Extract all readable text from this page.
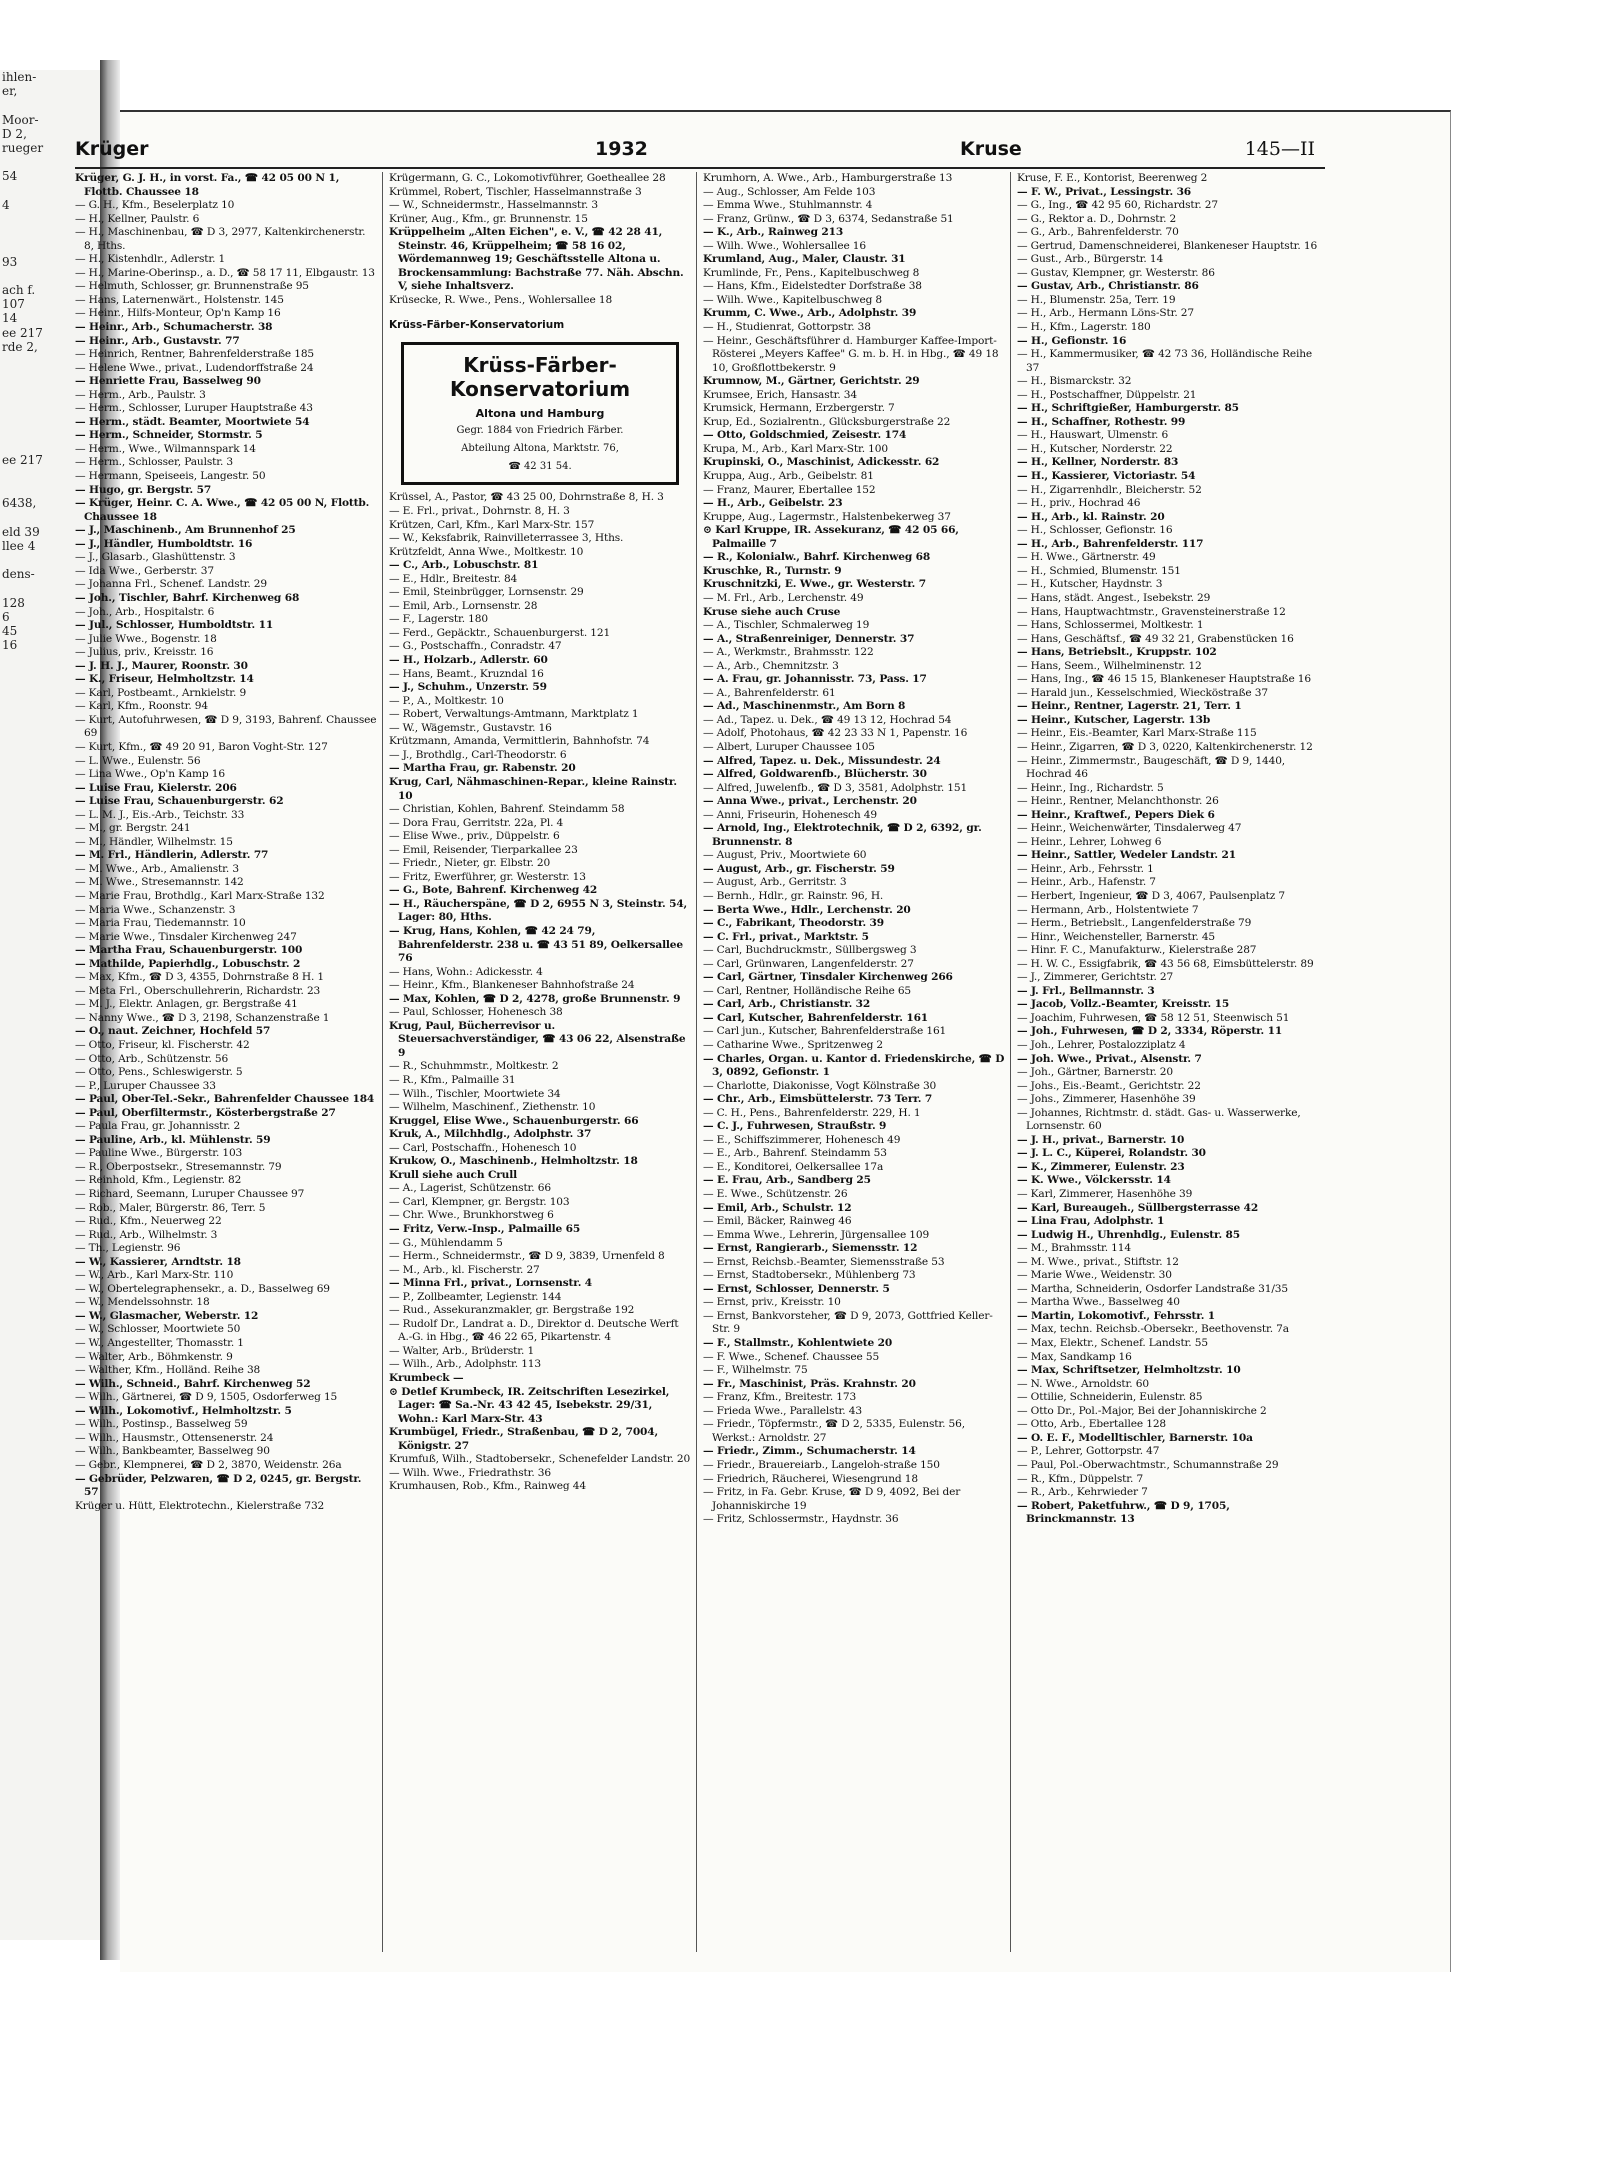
ihlen-
er,

Moor-
D 2,
rueger

54

4

93

ach f.
107
14
ee 217
rde 2,

ee 217

6438,

eld 39
llee 4

dens-

128
6
45
16
Krüger	1932	Kruse	145—II

Krüger, G. J. H., in vorst. Fa., ☎ 42 05 00 N 1, Flottb. Chaussee 18

— G. H., Kfm., Beselerplatz 10

— H., Kellner, Paulstr. 6

— H., Maschinenbau, ☎ D 3, 2977, Kaltenkirchenerstr. 8, Hths.

— H., Kistenhdlr., Adlerstr. 1

— H., Marine-Oberinsp., a. D., ☎ 58 17 11, Elbgaustr. 13

— Helmuth, Schlosser, gr. Brunnenstraße 95

— Hans, Laternenwärt., Holstenstr. 145

— Heinr., Hilfs-Monteur, Op'n Kamp 16

— Heinr., Arb., Schumacherstr. 38

— Heinr., Arb., Gustavstr. 77

— Heinrich, Rentner, Bahrenfelderstraße 185

— Helene Wwe., privat., Ludendorffstraße 24

— Henriette Frau, Basselweg 90

— Herm., Arb., Paulstr. 3

— Herm., Schlosser, Luruper Hauptstraße 43

— Herm., städt. Beamter, Moortwiete 54

— Herm., Schneider, Stormstr. 5

— Herm., Wwe., Wilmannspark 14

— Herm., Schlosser, Paulstr. 3

— Hermann, Speiseeis, Langestr. 50

— Hugo, gr. Bergstr. 57

— Krüger, Heinr. C. A. Wwe., ☎ 42 05 00 N, Flottb. Chaussee 18

— J., Maschinenb., Am Brunnenhof 25

— J., Händler, Humboldtstr. 16

— J., Glasarb., Glashüttenstr. 3

— Ida Wwe., Gerberstr. 37

— Johanna Frl., Schenef. Landstr. 29

— Joh., Tischler, Bahrf. Kirchenweg 68

— Joh., Arb., Hospitalstr. 6

— Jul., Schlosser, Humboldtstr. 11

— Julie Wwe., Bogenstr. 18

— Julius, priv., Kreisstr. 16

— J. H. J., Maurer, Roonstr. 30

— K., Friseur, Helmholtzstr. 14

— Karl, Postbeamt., Arnkielstr. 9

— Karl, Kfm., Roonstr. 94

— Kurt, Autofuhrwesen, ☎ D 9, 3193, Bahrenf. Chaussee 69

— Kurt, Kfm., ☎ 49 20 91, Baron Voght-Str. 127

— L. Wwe., Eulenstr. 56

— Lina Wwe., Op'n Kamp 16

— Luise Frau, Kielerstr. 206

— Luise Frau, Schauenburgerstr. 62

— L. M. J., Eis.-Arb., Teichstr. 33

— M., gr. Bergstr. 241

— M., Händler, Wilhelmstr. 15

— M. Frl., Händlerin, Adlerstr. 77

— M. Wwe., Arb., Amalienstr. 3

— M. Wwe., Stresemannstr. 142

— Marie Frau, Brothdlg., Karl Marx-Straße 132

— Maria Wwe., Schanzenstr. 3

— Maria Frau, Tiedemannstr. 10

— Marie Wwe., Tinsdaler Kirchenweg 247

— Martha Frau, Schauenburgerstr. 100

— Mathilde, Papierhdlg., Lobuschstr. 2

— Max, Kfm., ☎ D 3, 4355, Dohrnstraße 8 H. 1

— Meta Frl., Oberschullehrerin, Richardstr. 23

— M. J., Elektr. Anlagen, gr. Bergstraße 41

— Nanny Wwe., ☎ D 3, 2198, Schanzenstraße 1

— O., naut. Zeichner, Hochfeld 57

— Otto, Friseur, kl. Fischerstr. 42

— Otto, Arb., Schützenstr. 56

— Otto, Pens., Schleswigerstr. 5

— P., Luruper Chaussee 33

— Paul, Ober-Tel.-Sekr., Bahrenfelder Chaussee 184

— Paul, Oberfiltermstr., Kösterbergstraße 27

— Paula Frau, gr. Johannisstr. 2

— Pauline, Arb., kl. Mühlenstr. 59

— Pauline Wwe., Bürgerstr. 103

— R., Oberpostsekr., Stresemannstr. 79

— Reinhold, Kfm., Legienstr. 82

— Richard, Seemann, Luruper Chaussee 97

— Rob., Maler, Bürgerstr. 86, Terr. 5

— Rud., Kfm., Neuerweg 22

— Rud., Arb., Wilhelmstr. 3

— Th., Legienstr. 96

— W., Kassierer, Arndtstr. 18

— W., Arb., Karl Marx-Str. 110

— W., Obertelegraphensekr., a. D., Basselweg 69

— W., Mendelssohnstr. 18

— W., Glasmacher, Weberstr. 12

— W., Schlosser, Moortwiete 50

— W., Angestellter, Thomasstr. 1

— Walter, Arb., Böhmkenstr. 9

— Walther, Kfm., Holländ. Reihe 38

— Wilh., Schneid., Bahrf. Kirchenweg 52

— Wilh., Gärtnerei, ☎ D 9, 1505, Osdorferweg 15

— Wilh., Lokomotivf., Helmholtzstr. 5

— Wilh., Postinsp., Basselweg 59

— Wilh., Hausmstr., Ottensenerstr. 24

— Wilh., Bankbeamter, Basselweg 90

— Gebr., Klempnerei, ☎ D 2, 3870, Weidenstr. 26a

— Gebrüder, Pelzwaren, ☎ D 2, 0245, gr. Bergstr. 57

Krüger u. Hütt, Elektrotechn., Kielerstraße 732

Krügermann, G. C., Lokomotivführer, Goetheallee 28

Krümmel, Robert, Tischler, Hasselmannstraße 3

— W., Schneidermstr., Hasselmannstr. 3

Krüner, Aug., Kfm., gr. Brunnenstr. 15

Krüppelheim „Alten Eichen", e. V., ☎ 42 28 41, Steinstr. 46, Krüppelheim; ☎ 58 16 02, Wördemannweg 19; Geschäftsstelle Altona u. Brockensammlung: Bachstraße 77. Näh. Abschn. V, siehe Inhaltsverz.

Krüsecke, R. Wwe., Pens., Wohlersallee 18

Krüss-Färber-Konservatorium

Krüss-Färber-
Konservatorium
Altona und Hamburg
Gegr. 1884 von Friedrich Färber.
Abteilung Altona, Marktstr. 76,
☎ 42 31 54.

Krüssel, A., Pastor, ☎ 43 25 00, Dohrnstraße 8, H. 3

— E. Frl., privat., Dohrnstr. 8, H. 3

Krützen, Carl, Kfm., Karl Marx-Str. 157

— W., Keksfabrik, Rainvilleterrassee 3, Hths.

Krützfeldt, Anna Wwe., Moltkestr. 10

— C., Arb., Lobuschstr. 81

— E., Hdlr., Breitestr. 84

— Emil, Steinbrügger, Lornsenstr. 29

— Emil, Arb., Lornsenstr. 28

— F., Lagerstr. 180

— Ferd., Gepäcktr., Schauenburgerst. 121

— G., Postschaffn., Conradstr. 47

— H., Holzarb., Adlerstr. 60

— Hans, Beamt., Kruzndal 16

— J., Schuhm., Unzerstr. 59

— P., A., Moltkestr. 10

— Robert, Verwaltungs-Amtmann, Marktplatz 1

— W., Wägemstr., Gustavstr. 16

Krützmann, Amanda, Vermittlerin, Bahnhofstr. 74

— J., Brothdlg., Carl-Theodorstr. 6

— Martha Frau, gr. Rabenstr. 20

Krug, Carl, Nähmaschinen-Repar., kleine Rainstr. 10

— Christian, Kohlen, Bahrenf. Steindamm 58

— Dora Frau, Gerritstr. 22a, Pl. 4

— Elise Wwe., priv., Düppelstr. 6

— Emil, Reisender, Tierparkallee 23

— Friedr., Nieter, gr. Elbstr. 20

— Fritz, Ewerführer, gr. Westerstr. 13

— G., Bote, Bahrenf. Kirchenweg 42

— H., Räucherspäne, ☎ D 2, 6955 N 3, Steinstr. 54, Lager: 80, Hths.

— Krug, Hans, Kohlen, ☎ 42 24 79, Bahrenfelderstr. 238 u. ☎ 43 51 89, Oelkersallee 76

— Hans, Wohn.: Adickesstr. 4

— Heinr., Kfm., Blankeneser Bahnhofstraße 24

— Max, Kohlen, ☎ D 2, 4278, große Brunnenstr. 9

— Paul, Schlosser, Hohenesch 38

Krug, Paul, Bücherrevisor u. Steuersachverständiger, ☎ 43 06 22, Alsenstraße 9

— R., Schuhmmstr., Moltkestr. 2

— R., Kfm., Palmaille 31

— Wilh., Tischler, Moortwiete 34

— Wilhelm, Maschinenf., Ziethenstr. 10

Kruggel, Elise Wwe., Schauenburgerstr. 66

Kruk, A., Milchhdlg., Adolphstr. 37

— Carl, Postschaffn., Hohenesch 10

Krukow, O., Maschinenb., Helmholtzstr. 18

Krull siehe auch Crull

— A., Lagerist, Schützenstr. 66

— Carl, Klempner, gr. Bergstr. 103

— Chr. Wwe., Brunkhorstweg 6

— Fritz, Verw.-Insp., Palmaille 65

— G., Mühlendamm 5

— Herm., Schneidermstr., ☎ D 9, 3839, Urnenfeld 8

— M., Arb., kl. Fischerstr. 27

— Minna Frl., privat., Lornsenstr. 4

— P., Zollbeamter, Legienstr. 144

— Rud., Assekuranzmakler, gr. Bergstraße 192

— Rudolf Dr., Landrat a. D., Direktor d. Deutsche Werft A.-G. in Hbg., ☎ 46 22 65, Pikartenstr. 4

— Walter, Arb., Brüderstr. 1

— Wilh., Arb., Adolphstr. 113

Krumbeck —

⊙ Detlef Krumbeck, IR. Zeitschriften Lesezirkel, Lager: ☎ Sa.-Nr. 43 42 45, Isebekstr. 29/31, Wohn.: Karl Marx-Str. 43

Krumbügel, Friedr., Straßenbau, ☎ D 2, 7004, Königstr. 27

Krumfuß, Wilh., Stadtobersekr., Schenefelder Landstr. 20

— Wilh. Wwe., Friedrathstr. 36

Krumhausen, Rob., Kfm., Rainweg 44

Krumhorn, A. Wwe., Arb., Hamburgerstraße 13

— Aug., Schlosser, Am Felde 103

— Emma Wwe., Stuhlmannstr. 4

— Franz, Grünw., ☎ D 3, 6374, Sedanstraße 51

— K., Arb., Rainweg 213

— Wilh. Wwe., Wohlersallee 16

Krumland, Aug., Maler, Claustr. 31

Krumlinde, Fr., Pens., Kapitelbuschweg 8

— Hans, Kfm., Eidelstedter Dorfstraße 38

— Wilh. Wwe., Kapitelbuschweg 8

Krumm, C. Wwe., Arb., Adolphstr. 39

— H., Studienrat, Gottorpstr. 38

— Heinr., Geschäftsführer d. Hamburger Kaffee-Import-Rösterei „Meyers Kaffee" G. m. b. H. in Hbg., ☎ 49 18 10, Großflottbekerstr. 9

Krumnow, M., Gärtner, Gerichtstr. 29

Krumsee, Erich, Hansastr. 34

Krumsick, Hermann, Erzbergerstr. 7

Krup, Ed., Sozialrentn., Glücksburgerstraße 22

— Otto, Goldschmied, Zeisestr. 174

Krupa, M., Arb., Karl Marx-Str. 100

Krupinski, O., Maschinist, Adickesstr. 62

Kruppa, Aug., Arb., Geibelstr. 81

— Franz, Maurer, Ebertallee 152

— H., Arb., Geibelstr. 23

Kruppe, Aug., Lagermstr., Halstenbekerweg 37

⊙ Karl Kruppe, IR. Assekuranz, ☎ 42 05 66, Palmaille 7

— R., Kolonialw., Bahrf. Kirchenweg 68

Kruschke, R., Turnstr. 9

Kruschnitzki, E. Wwe., gr. Westerstr. 7

— M. Frl., Arb., Lerchenstr. 49

Kruse siehe auch Cruse

— A., Tischler, Schmalerweg 19

— A., Straßenreiniger, Dennerstr. 37

— A., Werkmstr., Brahmsstr. 122

— A., Arb., Chemnitzstr. 3

— A. Frau, gr. Johannisstr. 73, Pass. 17

— A., Bahrenfelderstr. 61

— Ad., Maschinenmstr., Am Born 8

— Ad., Tapez. u. Dek., ☎ 49 13 12, Hochrad 54

— Adolf, Photohaus, ☎ 42 23 33 N 1, Papenstr. 16

— Albert, Luruper Chaussee 105

— Alfred, Tapez. u. Dek., Missundestr. 24

— Alfred, Goldwarenfb., Blücherstr. 30

— Alfred, Juwelenfb., ☎ D 3, 3581, Adolphstr. 151

— Anna Wwe., privat., Lerchenstr. 20

— Anni, Friseurin, Hohenesch 49

— Arnold, Ing., Elektrotechnik, ☎ D 2, 6392, gr. Brunnenstr. 8

— August, Priv., Moortwiete 60

— August, Arb., gr. Fischerstr. 59

— August, Arb., Gerritstr. 3

— Bernh., Hdlr., gr. Rainstr. 96, H.

— Berta Wwe., Hdlr., Lerchenstr. 20

— C., Fabrikant, Theodorstr. 39

— C. Frl., privat., Marktstr. 5

— Carl, Buchdruckmstr., Süllbergsweg 3

— Carl, Grünwaren, Langenfelderstr. 27

— Carl, Gärtner, Tinsdaler Kirchenweg 266

— Carl, Rentner, Holländische Reihe 65

— Carl, Arb., Christianstr. 32

— Carl, Kutscher, Bahrenfelderstr. 161

— Carl jun., Kutscher, Bahrenfelderstraße 161

— Catharine Wwe., Spritzenweg 2

— Charles, Organ. u. Kantor d. Friedenskirche, ☎ D 3, 0892, Gefionstr. 1

— Charlotte, Diakonisse, Vogt Kölnstraße 30

— Chr., Arb., Eimsbüttelerstr. 73 Terr. 7

— C. H., Pens., Bahrenfelderstr. 229, H. 1

— C. J., Fuhrwesen, Straußstr. 9

— E., Schiffszimmerer, Hohenesch 49

— E., Arb., Bahrenf. Steindamm 53

— E., Konditorei, Oelkersallee 17a

— E. Frau, Arb., Sandberg 25

— E. Wwe., Schützenstr. 26

— Emil, Arb., Schulstr. 12

— Emil, Bäcker, Rainweg 46

— Emma Wwe., Lehrerin, Jürgensallee 109

— Ernst, Rangierarb., Siemensstr. 12

— Ernst, Reichsb.-Beamter, Siemensstraße 53

— Ernst, Stadtobersekr., Mühlenberg 73

— Ernst, Schlosser, Dennerstr. 5

— Ernst, priv., Kreisstr. 10

— Ernst, Bankvorsteher, ☎ D 9, 2073, Gottfried Keller-Str. 9

— F., Stallmstr., Kohlentwiete 20

— F. Wwe., Schenef. Chaussee 55

— F., Wilhelmstr. 75

— Fr., Maschinist, Präs. Krahnstr. 20

— Franz, Kfm., Breitestr. 173

— Frieda Wwe., Parallelstr. 43

— Friedr., Töpfermstr., ☎ D 2, 5335, Eulenstr. 56, Werkst.: Arnoldstr. 27

— Friedr., Zimm., Schumacherstr. 14

— Friedr., Brauereiarb., Langeloh-straße 150

— Friedrich, Räucherei, Wiesengrund 18

— Fritz, in Fa. Gebr. Kruse, ☎ D 9, 4092, Bei der Johanniskirche 19

— Fritz, Schlossermstr., Haydnstr. 36

Kruse, F. E., Kontorist, Beerenweg 2

— F. W., Privat., Lessingstr. 36

— G., Ing., ☎ 42 95 60, Richardstr. 27

— G., Rektor a. D., Dohrnstr. 2

— G., Arb., Bahrenfelderstr. 70

— Gertrud, Damenschneiderei, Blankeneser Hauptstr. 16

— Gust., Arb., Bürgerstr. 14

— Gustav, Klempner, gr. Westerstr. 86

— Gustav, Arb., Christianstr. 86

— H., Blumenstr. 25a, Terr. 19

— H., Arb., Hermann Löns-Str. 27

— H., Kfm., Lagerstr. 180

— H., Gefionstr. 16

— H., Kammermusiker, ☎ 42 73 36, Holländische Reihe 37

— H., Bismarckstr. 32

— H., Postschaffner, Düppelstr. 21

— H., Schriftgießer, Hamburgerstr. 85

— H., Schaffner, Rothestr. 99

— H., Hauswart, Ulmenstr. 6

— H., Kutscher, Norderstr. 22

— H., Kellner, Norderstr. 83

— H., Kassierer, Victoriastr. 54

— H., Zigarrenhdlr., Bleicherstr. 52

— H., priv., Hochrad 46

— H., Arb., kl. Rainstr. 20

— H., Schlosser, Gefionstr. 16

— H., Arb., Bahrenfelderstr. 117

— H. Wwe., Gärtnerstr. 49

— H., Schmied, Blumenstr. 151

— H., Kutscher, Haydnstr. 3

— Hans, städt. Angest., Isebekstr. 29

— Hans, Hauptwachtmstr., Gravensteinerstraße 12

— Hans, Schlossermei, Moltkestr. 1

— Hans, Geschäftsf., ☎ 49 32 21, Grabenstücken 16

— Hans, Betriebslt., Kruppstr. 102

— Hans, Seem., Wilhelminenstr. 12

— Hans, Ing., ☎ 46 15 15, Blankeneser Hauptstraße 16

— Harald jun., Kesselschmied, Wiecköstraße 37

— Heinr., Rentner, Lagerstr. 21, Terr. 1

— Heinr., Kutscher, Lagerstr. 13b

— Heinr., Eis.-Beamter, Karl Marx-Straße 115

— Heinr., Zigarren, ☎ D 3, 0220, Kaltenkirchenerstr. 12

— Heinr., Zimmermstr., Baugeschäft, ☎ D 9, 1440, Hochrad 46

— Heinr., Ing., Richardstr. 5

— Heinr., Rentner, Melanchthonstr. 26

— Heinr., Kraftwef., Pepers Diek 6

— Heinr., Weichenwärter, Tinsdalerweg 47

— Heinr., Lehrer, Lohweg 6

— Heinr., Sattler, Wedeler Landstr. 21

— Heinr., Arb., Fehrsstr. 1

— Heinr., Arb., Hafenstr. 7

— Herbert, Ingenieur, ☎ D 3, 4067, Paulsenplatz 7

— Hermann, Arb., Holstentwiete 7

— Herm., Betriebslt., Langenfelderstraße 79

— Hinr., Weichensteller, Barnerstr. 45

— Hinr. F. C., Manufakturw., Kielerstraße 287

— H. W. C., Essigfabrik, ☎ 43 56 68, Eimsbüttelerstr. 89

— J., Zimmerer, Gerichtstr. 27

— J. Frl., Bellmannstr. 3

— Jacob, Vollz.-Beamter, Kreisstr. 15

— Joachim, Fuhrwesen, ☎ 58 12 51, Steenwisch 51

— Joh., Fuhrwesen, ☎ D 2, 3334, Röperstr. 11

— Joh., Lehrer, Postalozziplatz 4

— Joh. Wwe., Privat., Alsenstr. 7

— Joh., Gärtner, Barnerstr. 20

— Johs., Eis.-Beamt., Gerichtstr. 22

— Johs., Zimmerer, Hasenhöhe 39

— Johannes, Richtmstr. d. städt. Gas- u. Wasserwerke, Lornsenstr. 60

— J. H., privat., Barnerstr. 10

— J. L. C., Küperei, Rolandstr. 30

— K., Zimmerer, Eulenstr. 23

— K. Wwe., Völckersstr. 14

— Karl, Zimmerer, Hasenhöhe 39

— Karl, Bureaugeh., Süllbergsterrasse 42

— Lina Frau, Adolphstr. 1

— Ludwig H., Uhrenhdlg., Eulenstr. 85

— M., Brahmsstr. 114

— M. Wwe., privat., Stiftstr. 12

— Marie Wwe., Weidenstr. 30

— Martha, Schneiderin, Osdorfer Landstraße 31/35

— Martha Wwe., Basselweg 40

— Martin, Lokomotivf., Fehrsstr. 1

— Max, techn. Reichsb.-Obersekr., Beethovenstr. 7a

— Max, Elektr., Schenef. Landstr. 55

— Max, Sandkamp 16

— Max, Schriftsetzer, Helmholtzstr. 10

— N. Wwe., Arnoldstr. 60

— Ottilie, Schneiderin, Eulenstr. 85

— Otto Dr., Pol.-Major, Bei der Johanniskirche 2

— Otto, Arb., Ebertallee 128

— O. E. F., Modelltischler, Barnerstr. 10a

— P., Lehrer, Gottorpstr. 47

— Paul, Pol.-Oberwachtmstr., Schumannstraße 29

— R., Kfm., Düppelstr. 7

— R., Arb., Kehrwieder 7

— Robert, Paketfuhrw., ☎ D 9, 1705, Brinckmannstr. 13
